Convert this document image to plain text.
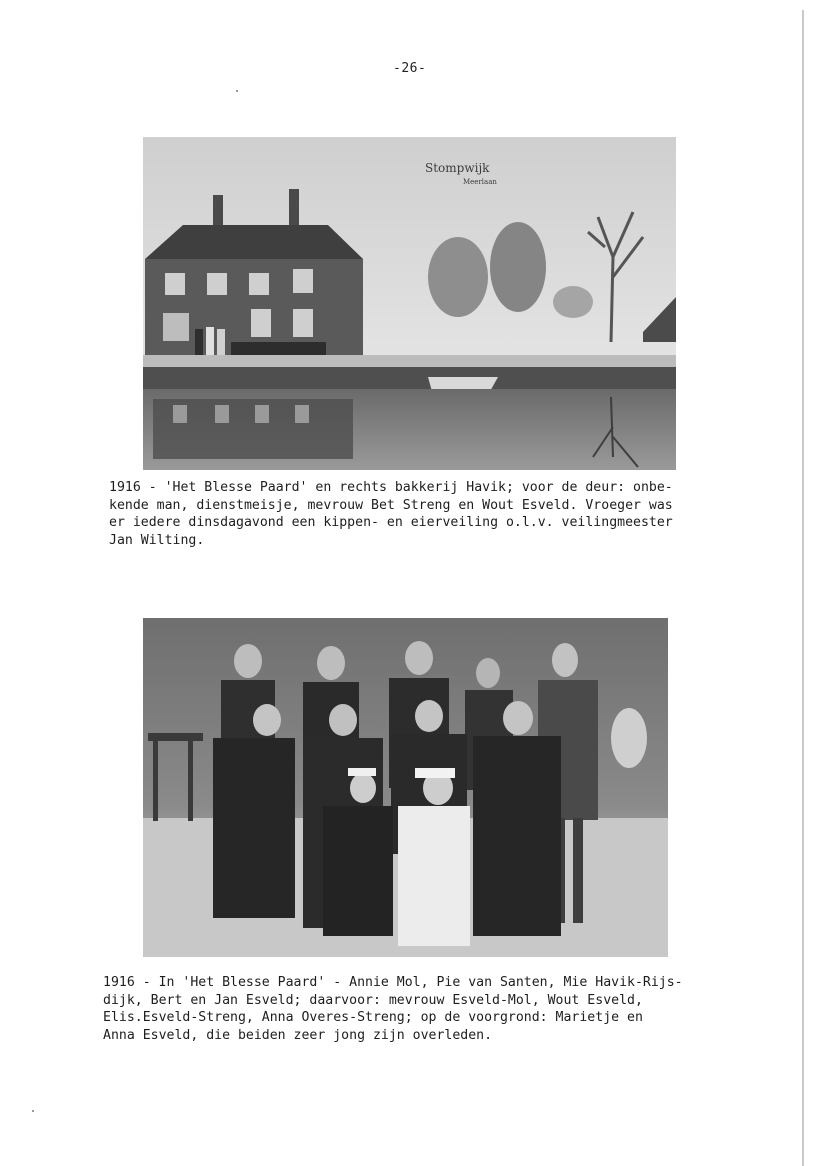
-26-
Stompwijk
Meerlaan
1916 - 'Het Blesse Paard' en rechts bakkerij Havik; voor de deur: onbe-
kende man, dienstmeisje, mevrouw Bet Streng en Wout Esveld. Vroeger was
er iedere dinsdagavond een kippen- en eierveiling o.l.v. veilingmeester
Jan Wilting.
1916 - In 'Het Blesse Paard' - Annie Mol, Pie van Santen, Mie Havik-Rijs-
dijk, Bert en Jan Esveld; daarvoor: mevrouw Esveld-Mol, Wout Esveld,
Elis.Esveld-Streng, Anna Overes-Streng; op de voorgrond: Marietje en
Anna Esveld, die beiden zeer jong zijn overleden.
